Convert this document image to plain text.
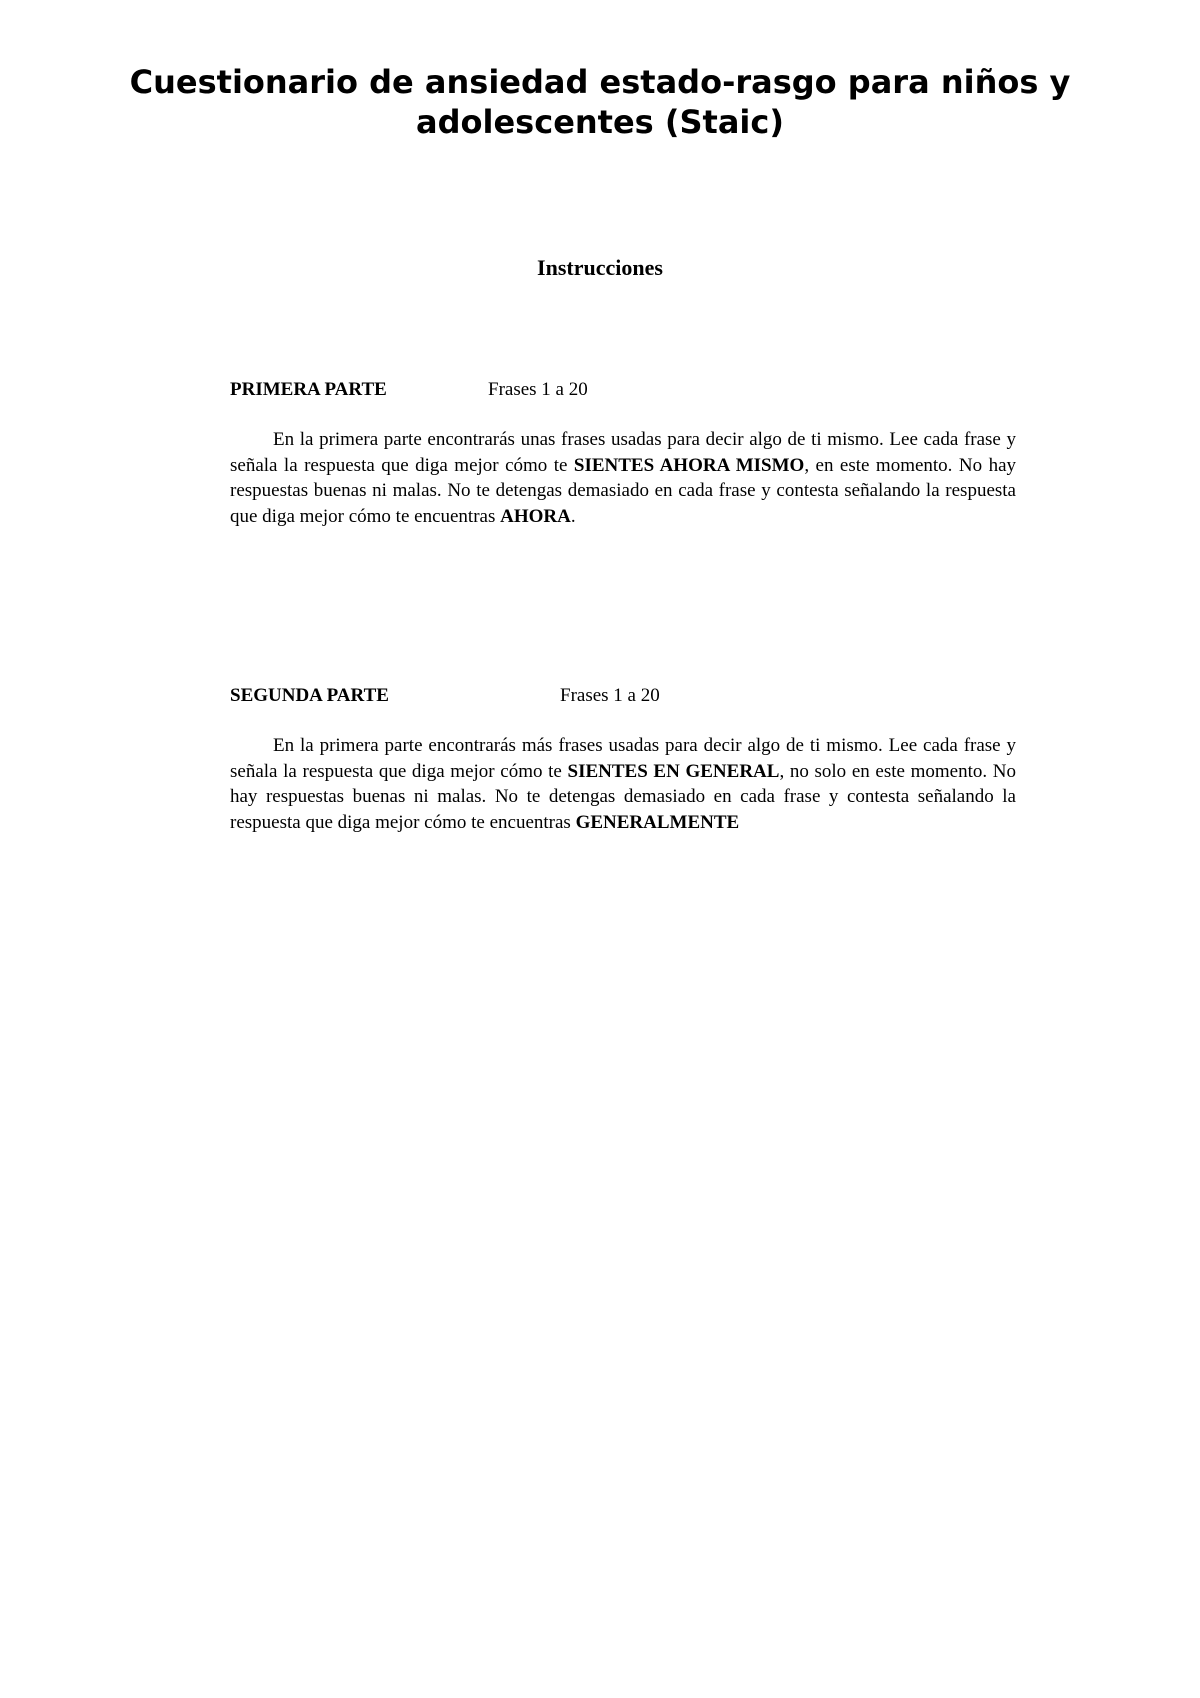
Cuestionario de ansiedad estado-rasgo para niños y adolescentes (Staic)
Instrucciones
PRIMERA PARTE	Frases 1 a 20

En la primera parte encontrarás unas frases usadas para decir algo de ti mismo. Lee cada frase y señala la respuesta que diga mejor cómo te SIENTES AHORA MISMO, en este momento. No hay respuestas buenas ni malas. No te detengas demasiado en cada frase y contesta señalando la respuesta que diga mejor cómo te encuentras AHORA.

SEGUNDA PARTE	Frases 1 a 20

En la primera parte encontrarás más frases usadas para decir algo de ti mismo. Lee cada frase y señala la respuesta que diga mejor cómo te SIENTES EN GENERAL, no solo en este momento. No hay respuestas buenas ni malas. No te detengas demasiado en cada frase y contesta señalando la respuesta que diga mejor cómo te encuentras GENERALMENTE
